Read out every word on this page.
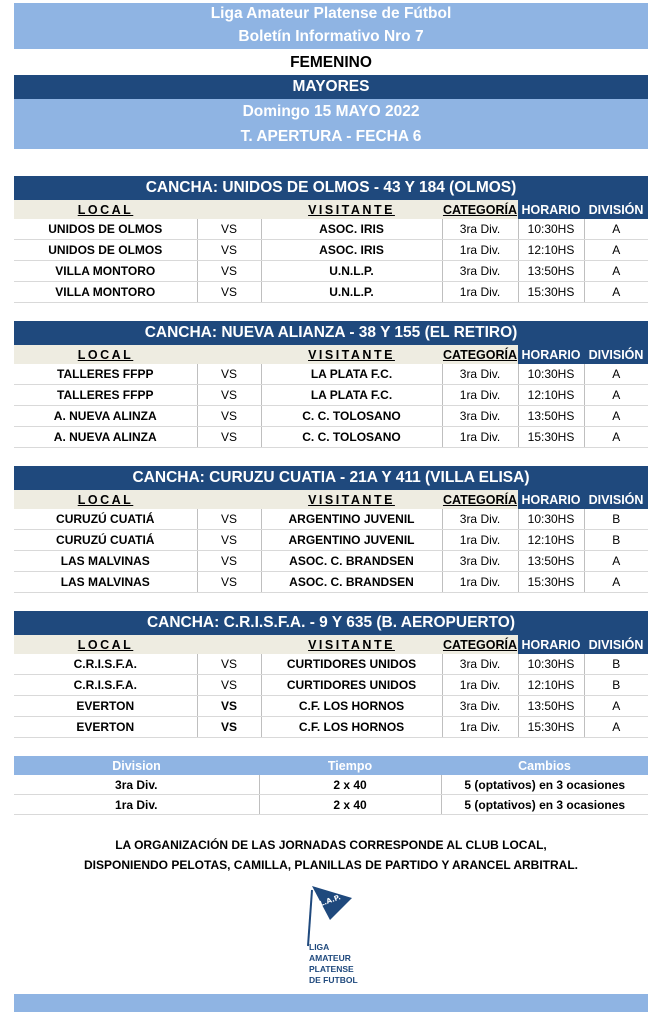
Liga Amateur Platense de Fútbol
Boletín Informativo Nro 7
FEMENINO
MAYORES
Domingo 15 MAYO 2022
T. APERTURA - FECHA 6
CANCHA: UNIDOS DE OLMOS - 43 Y 184 (OLMOS)
LOCAL		VISITANTE	CATEGORÍA	HORARIO	DIVISIÓN
UNIDOS DE OLMOS	VS	ASOC. IRIS	3ra Div.	10:30HS	A
UNIDOS DE OLMOS	VS	ASOC. IRIS	1ra Div.	12:10HS	A
VILLA MONTORO	VS	U.N.L.P.	3ra Div.	13:50HS	A
VILLA MONTORO	VS	U.N.L.P.	1ra Div.	15:30HS	A
CANCHA: NUEVA ALIANZA - 38 Y 155 (EL RETIRO)
LOCAL		VISITANTE	CATEGORÍA	HORARIO	DIVISIÓN
TALLERES FFPP	VS	LA PLATA F.C.	3ra Div.	10:30HS	A
TALLERES FFPP	VS	LA PLATA F.C.	1ra Div.	12:10HS	A
A. NUEVA ALINZA	VS	C. C. TOLOSANO	3ra Div.	13:50HS	A
A. NUEVA ALINZA	VS	C. C. TOLOSANO	1ra Div.	15:30HS	A
CANCHA: CURUZU CUATIA - 21A Y 411 (VILLA ELISA)
LOCAL		VISITANTE	CATEGORÍA	HORARIO	DIVISIÓN
CURUZÚ CUATIÁ	VS	ARGENTINO JUVENIL	3ra Div.	10:30HS	B
CURUZÚ CUATIÁ	VS	ARGENTINO JUVENIL	1ra Div.	12:10HS	B
LAS MALVINAS	VS	ASOC. C. BRANDSEN	3ra Div.	13:50HS	A
LAS MALVINAS	VS	ASOC. C. BRANDSEN	1ra Div.	15:30HS	A
CANCHA: C.R.I.S.F.A. - 9 Y 635 (B. AEROPUERTO)
LOCAL		VISITANTE	CATEGORÍA	HORARIO	DIVISIÓN
C.R.I.S.F.A.	VS	CURTIDORES UNIDOS	3ra Div.	10:30HS	B
C.R.I.S.F.A.	VS	CURTIDORES UNIDOS	1ra Div.	12:10HS	B
EVERTON	VS	C.F. LOS HORNOS	3ra Div.	13:50HS	A
EVERTON	VS	C.F. LOS HORNOS	1ra Div.	15:30HS	A
Division	Tiempo	Cambios
3ra Div.	2 x 40	5 (optativos) en 3 ocasiones
1ra Div.	2 x 40	5 (optativos) en 3 ocasiones
LA ORGANIZACIÓN DE LAS JORNADAS CORRESPONDE AL CLUB LOCAL,
DISPONIENDO PELOTAS, CAMILLA, PLANILLAS DE PARTIDO Y ARANCEL ARBITRAL.
L.A.P.
LIGA
AMATEUR
PLATENSE
DE FUTBOL
